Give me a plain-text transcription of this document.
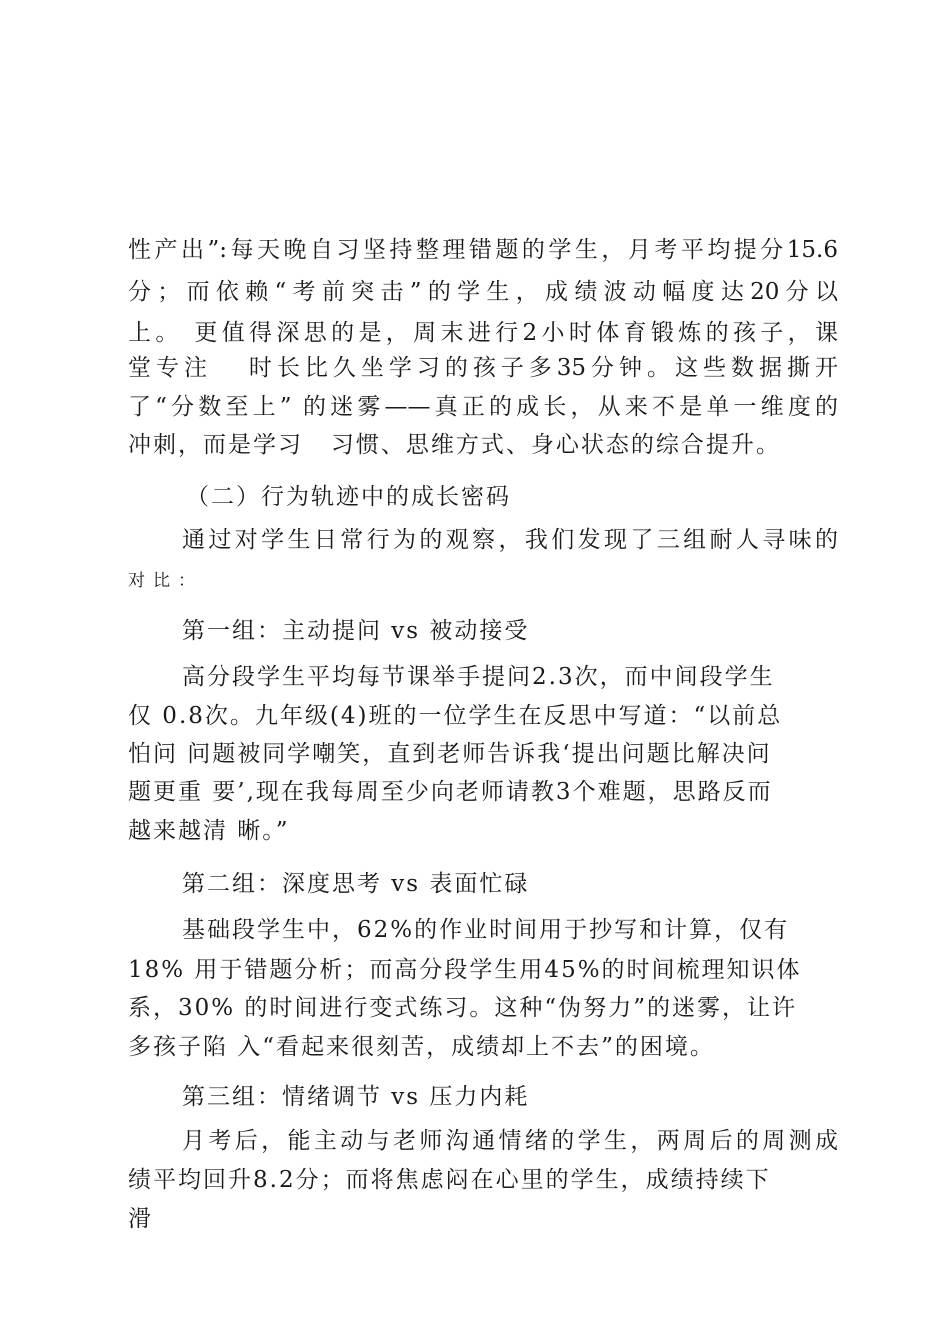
性产出”:每天晚自习坚持整理错题的学生，月考平均提分15.6
分；而依赖“考前突击”的学生，成绩波动幅度达20分以
上。 更值得深思的是，周末进行2小时体育锻炼的孩子，课
堂专注   时长比久坐学习的孩子多35分钟。这些数据撕开
了“分数至上” 的迷雾——真正的成长，从来不是单一维度的
冲刺，而是学习   习惯、思维方式、身心状态的综合提升。
（二）行为轨迹中的成长密码
通过对学生日常行为的观察，我们发现了三组耐人寻味的
对比：
第一组：主动提问 vs 被动接受
高分段学生平均每节课举手提问2.3次，而中间段学生
仅 0.8次。九年级(4)班的一位学生在反思中写道：“以前总
怕问 问题被同学嘲笑，直到老师告诉我‘提出问题比解决问
题更重 要’,现在我每周至少向老师请教3个难题，思路反而
越来越清 晰。”
第二组：深度思考 vs 表面忙碌
基础段学生中，62%的作业时间用于抄写和计算，仅有
18% 用于错题分析；而高分段学生用45%的时间梳理知识体
系，30% 的时间进行变式练习。这种“伪努力”的迷雾，让许
多孩子陷 入“看起来很刻苦，成绩却上不去”的困境。
第三组：情绪调节 vs 压力内耗
月考后，能主动与老师沟通情绪的学生，两周后的周测成
绩平均回升8.2分；而将焦虑闷在心里的学生，成绩持续下
滑
